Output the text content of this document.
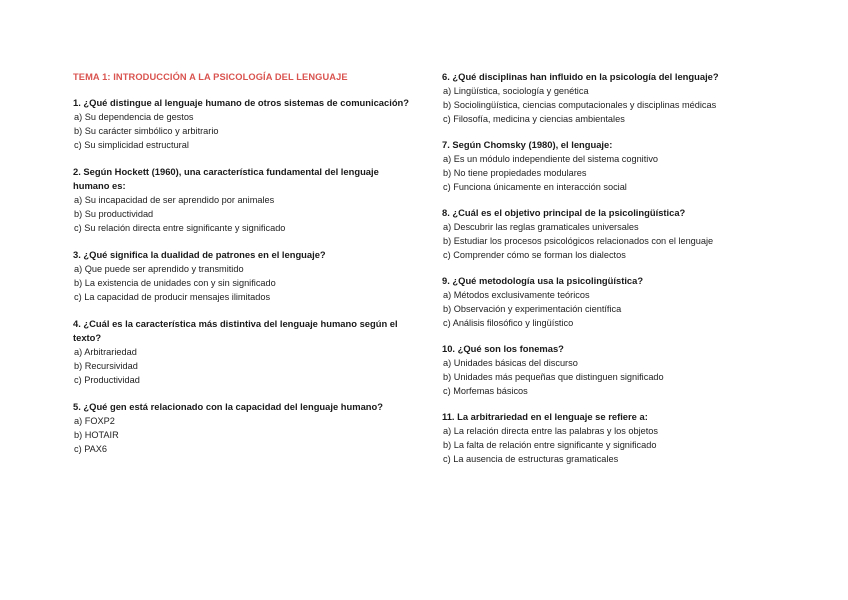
TEMA 1: INTRODUCCIÓN A LA PSICOLOGÍA DEL LENGUAJE

1. ¿Qué distingue al lenguaje humano de otros sistemas de comunicación?

a) Su dependencia de gestos
b) Su carácter simbólico y arbitrario
c) Su simplicidad estructural

2. Según Hockett (1960), una característica fundamental del lenguaje humano es:

a) Su incapacidad de ser aprendido por animales
b) Su productividad
c) Su relación directa entre significante y significado

3. ¿Qué significa la dualidad de patrones en el lenguaje?

a) Que puede ser aprendido y transmitido
b) La existencia de unidades con y sin significado
c) La capacidad de producir mensajes ilimitados

4. ¿Cuál es la característica más distintiva del lenguaje humano según el texto?

a) Arbitrariedad
b) Recursividad
c) Productividad

5. ¿Qué gen está relacionado con la capacidad del lenguaje humano?

a) FOXP2
b) HOTAIR
c) PAX6

6. ¿Qué disciplinas han influido en la psicología del lenguaje?

a) Lingüística, sociología y genética
b) Sociolingüística, ciencias computacionales y disciplinas médicas
c) Filosofía, medicina y ciencias ambientales

7. Según Chomsky (1980), el lenguaje:

a) Es un módulo independiente del sistema cognitivo
b) No tiene propiedades modulares
c) Funciona únicamente en interacción social

8. ¿Cuál es el objetivo principal de la psicolingüística?

a) Descubrir las reglas gramaticales universales
b) Estudiar los procesos psicológicos relacionados con el lenguaje
c) Comprender cómo se forman los dialectos

9. ¿Qué metodología usa la psicolingüística?

a) Métodos exclusivamente teóricos
b) Observación y experimentación científica
c) Análisis filosófico y lingüístico

10. ¿Qué son los fonemas?

a) Unidades básicas del discurso
b) Unidades más pequeñas que distinguen significado
c) Morfemas básicos

11. La arbitrariedad en el lenguaje se refiere a:

a) La relación directa entre las palabras y los objetos
b) La falta de relación entre significante y significado
c) La ausencia de estructuras gramaticales
